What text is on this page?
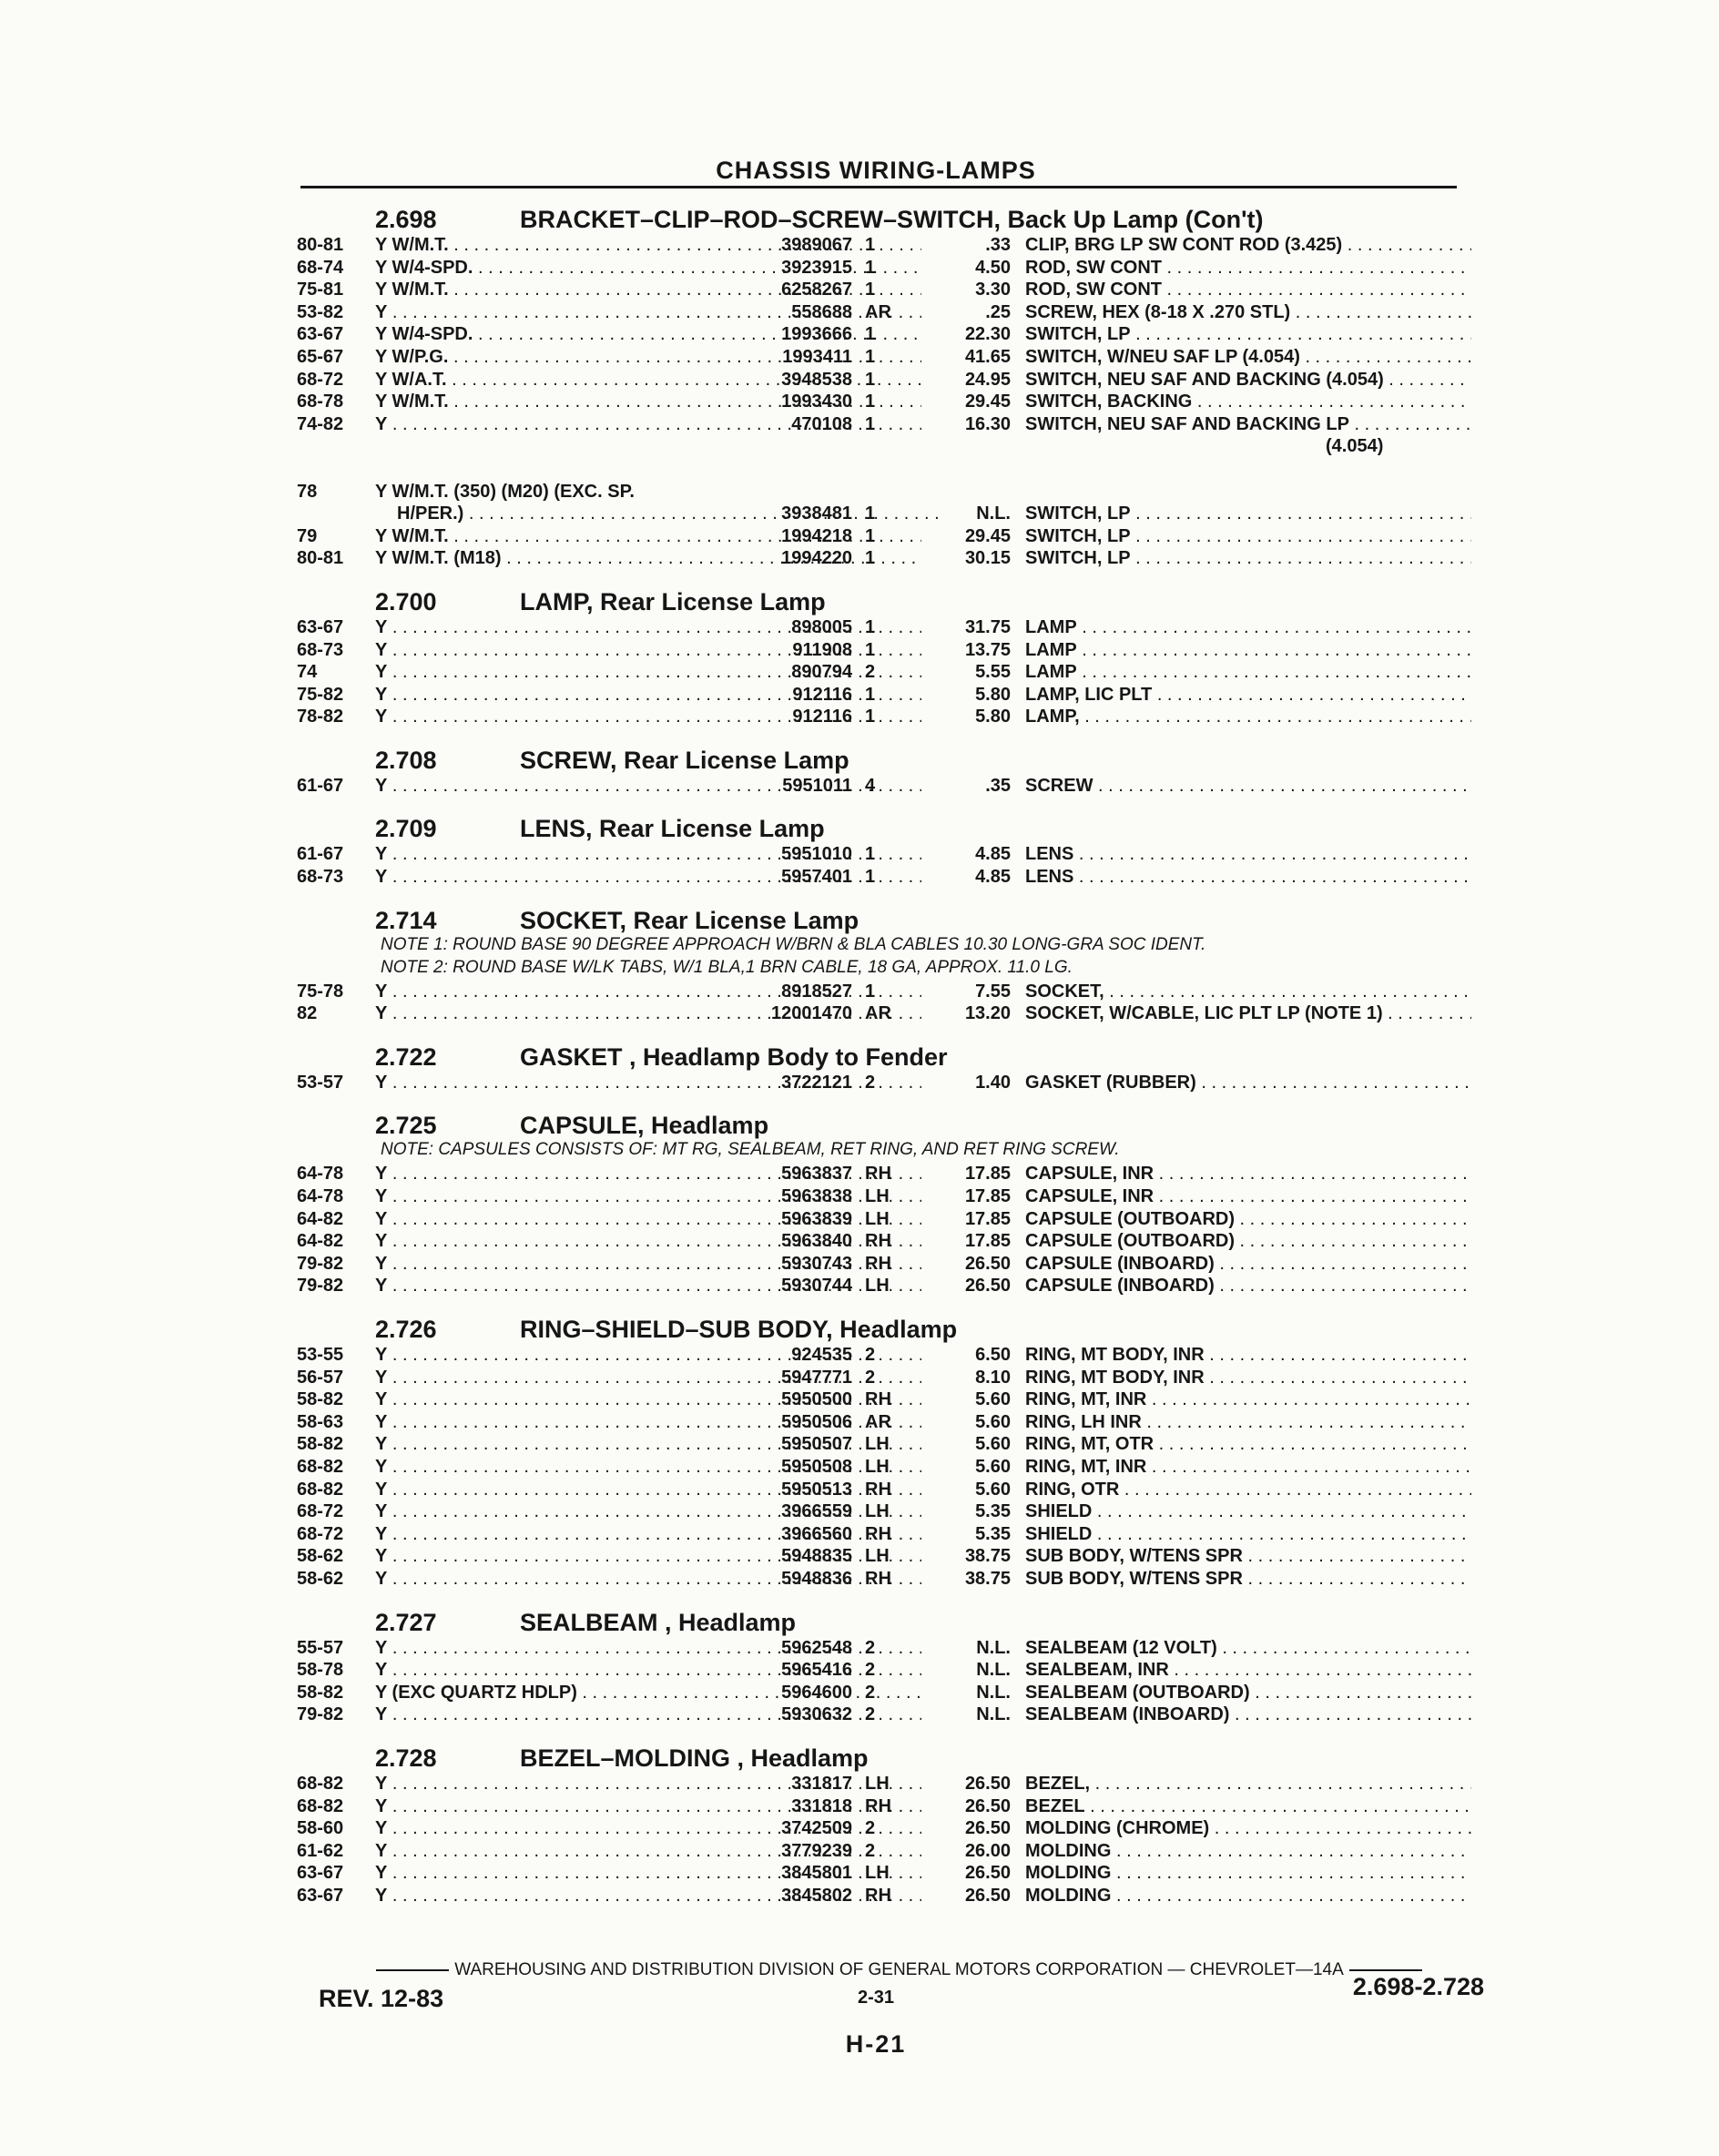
CHASSIS WIRING-LAMPS
2.698	BRACKET–CLIP–ROD–SCREW–SWITCH, Back Up Lamp (Con't)
80-81	Y W/M.T. . . .	3989067 1	.33 CLIP, BRG LP SW CONT ROD (3.425) . . .
68-74	Y W/4-SPD. . . .	3923915 1	4.50 ROD, SW CONT . . .
75-81	Y W/M.T. . . .	6258267 1	3.30 ROD, SW CONT . . .
53-82	Y . . .	558688 AR	.25 SCREW, HEX (8-18 X .270 STL) . . .
63-67	Y W/4-SPD. . . .	1993666 1	22.30 SWITCH, LP . . .
65-67	Y W/P.G. . . .	1993411 1	41.65 SWITCH, W/NEU SAF LP (4.054) . . .
68-72	Y W/A.T. . . .	3948538 1	24.95 SWITCH, NEU SAF AND BACKING (4.054) . . .
68-78	Y W/M.T. . . .	1993430 1	29.45 SWITCH, BACKING . . .
74-82	Y . . .	470108 1	16.30 SWITCH, NEU SAF AND BACKING LP . . .
(4.054)
78	Y W/M.T. (350) (M20) (EXC. SP.
H/PER.) . . .	3938481 1	N.L. SWITCH, LP . . .
79	Y W/M.T. . . .	1994218 1	29.45 SWITCH, LP . . .
80-81	Y W/M.T. (M18) . . .	1994220 1	30.15 SWITCH, LP . . .
2.700	LAMP, Rear License Lamp
63-67	Y . . .	898005 1	31.75 LAMP . . .
68-73	Y . . .	911908 1	13.75 LAMP . . .
74	Y . . .	890794 2	5.55 LAMP . . .
75-82	Y . . .	912116 1	5.80 LAMP, LIC PLT . . .
78-82	Y . . .	912116 1	5.80 LAMP, . . .
2.708	SCREW, Rear License Lamp
61-67	Y . . .	5951011 4	.35 SCREW . . .
2.709	LENS, Rear License Lamp
61-67	Y . . .	5951010 1	4.85 LENS . . .
68-73	Y . . .	5957401 1	4.85 LENS . . .
2.714	SOCKET, Rear License Lamp
NOTE 1: ROUND BASE 90 DEGREE APPROACH W/BRN & BLA CABLES 10.30 LONG-GRA SOC IDENT.
NOTE 2: ROUND BASE W/LK TABS, W/1 BLA,1 BRN CABLE, 18 GA, APPROX. 11.0 LG.
75-78	Y . . .	8918527 1	7.55 SOCKET, . . .
82	Y . . .	12001470 AR	13.20 SOCKET, W/CABLE, LIC PLT LP (NOTE 1) . . .
2.722	GASKET , Headlamp Body to Fender
53-57	Y . . .	3722121 2	1.40 GASKET (RUBBER) . . .
2.725	CAPSULE, Headlamp
NOTE: CAPSULES CONSISTS OF: MT RG, SEALBEAM, RET RING, AND RET RING SCREW.
64-78	Y . . .	5963837 RH	17.85 CAPSULE, INR . . .
64-78	Y . . .	5963838 LH	17.85 CAPSULE, INR . . .
64-82	Y . . .	5963839 LH	17.85 CAPSULE (OUTBOARD) . . .
64-82	Y . . .	5963840 RH	17.85 CAPSULE (OUTBOARD) . . .
79-82	Y . . .	5930743 RH	26.50 CAPSULE (INBOARD) . . .
79-82	Y . . .	5930744 LH	26.50 CAPSULE (INBOARD) . . .
2.726	RING–SHIELD–SUB BODY, Headlamp
53-55	Y . . .	924535 2	6.50 RING, MT BODY, INR . . .
56-57	Y . . .	5947771 2	8.10 RING, MT BODY, INR . . .
58-82	Y . . .	5950500 RH	5.60 RING, MT, INR . . .
58-63	Y . . .	5950506 AR	5.60 RING, LH INR . . .
58-82	Y . . .	5950507 LH	5.60 RING, MT, OTR . . .
68-82	Y . . .	5950508 LH	5.60 RING, MT, INR . . .
68-82	Y . . .	5950513 RH	5.60 RING, OTR . . .
68-72	Y . . .	3966559 LH	5.35 SHIELD . . .
68-72	Y . . .	3966560 RH	5.35 SHIELD . . .
58-62	Y . . .	5948835 LH	38.75 SUB BODY, W/TENS SPR . . .
58-62	Y . . .	5948836 RH	38.75 SUB BODY, W/TENS SPR . . .
2.727	SEALBEAM , Headlamp
55-57	Y . . .	5962548 2	N.L. SEALBEAM (12 VOLT) . . .
58-78	Y . . .	5965416 2	N.L. SEALBEAM, INR . . .
58-82	Y (EXC QUARTZ HDLP) . . .	5964600 2	N.L. SEALBEAM (OUTBOARD) . . .
79-82	Y . . .	5930632 2	N.L. SEALBEAM (INBOARD) . . .
2.728	BEZEL–MOLDING , Headlamp
68-82	Y . . .	331817 LH	26.50 BEZEL, . . .
68-82	Y . . .	331818 RH	26.50 BEZEL . . .
58-60	Y . . .	3742509 2	26.50 MOLDING (CHROME) . . .
61-62	Y . . .	3779239 2	26.00 MOLDING . . .
63-67	Y . . .	3845801 LH	26.50 MOLDING . . .
63-67	Y . . .	3845802 RH	26.50 MOLDING . . .
WAREHOUSING AND DISTRIBUTION DIVISION OF GENERAL MOTORS CORPORATION — CHEVROLET—14A
REV. 12-83	2-31	2.698-2.728
H-21
